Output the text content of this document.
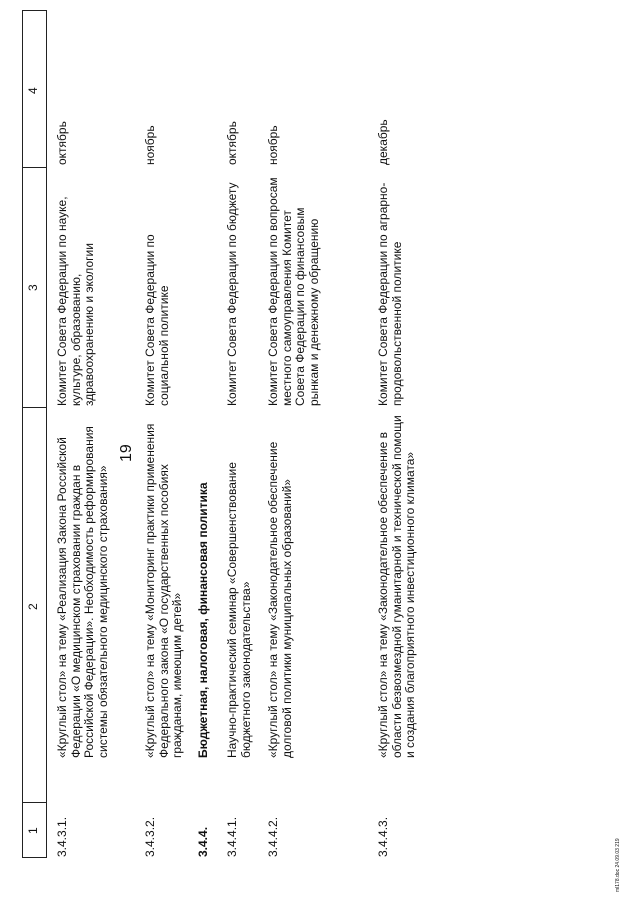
19
1
2
3
4
3.4.3.1.
«Круглый стол» на тему «Реализация Закона Российской Федерации «О медицинском страховании граждан в Российской Федерации». Необходимость реформирования системы обязательного медицинского страхования»
Комитет Совета Федерации по науке, культуре, образованию, здравоохранению и экологии
октябрь
3.4.3.2.
«Круглый стол» на тему «Мониторинг практики применения Федерального закона «О государственных пособиях гражданам, имеющим детей»
Комитет Совета Федерации по социальной политике
ноябрь
3.4.4.
Бюджетная, налоговая, финансовая политика
3.4.4.1.
Научно-практический семинар «Совершенствование бюджетного законодательства»
Комитет Совета Федерации по бюджету
октябрь
3.4.4.2.
«Круглый стол» на тему «Законодательное обеспечение долговой политики муниципальных образований»
Комитет Совета Федерации по вопросам местного самоуправления Комитет Совета Федерации по финансовым рынкам и денежному обращению
ноябрь
3.4.4.3.
«Круглый стол» на тему «Законодательное обеспечение в области безвозмездной гуманитарной и технической помощи и создания благоприятного инвестиционного климата»
Комитет Совета Федерации по аграрно-продовольственной политике
декабрь
ml178.doc 24.09.03 219
